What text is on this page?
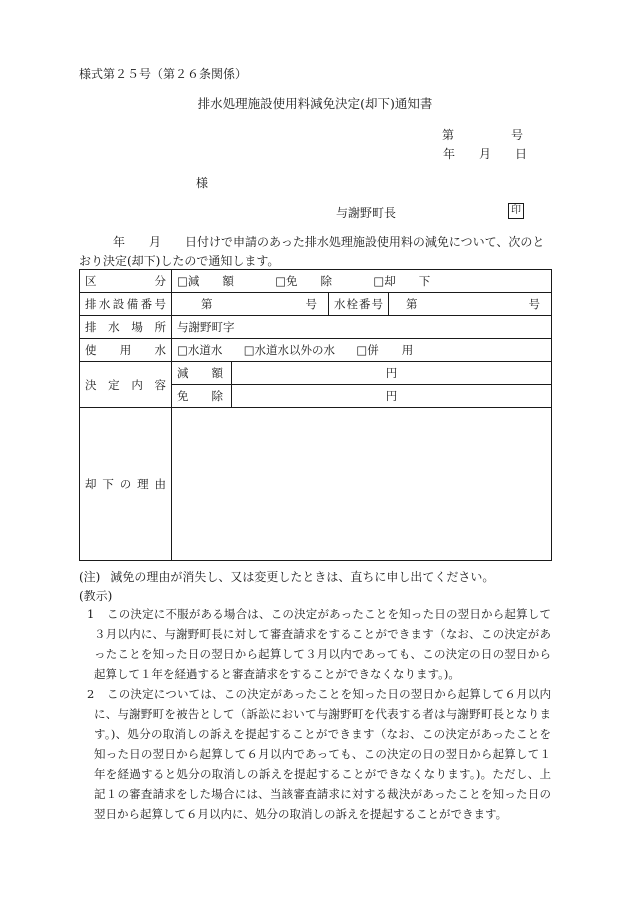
様式第２５号（第２６条関係）
排水処理施設使用料減免決定(却下)通知書
第	号
年 月 日
様
与謝野町長	印
年 月 日付けで申請のあった排水処理施設使用料の減免について、次のとおり決定(却下)したので通知します。
区分	□減　　額 □免　　除 □却　　下			
排水設備番号	第 号		水栓番号	第 号

排水場所	与謝野町字			
使用水	□水道水 □水道水以外の水 □併　　用			
決定内容	減　　額	円		
	免　　除	円		
却下の理由				
(注) 減免の理由が消失し、又は変更したときは、直ちに申し出てください。
(教示)
1	この決定に不服がある場合は、この決定があったことを知った日の翌日から起算して３月以内に、与謝野町長に対して審査請求をすることができます（なお、この決定があったことを知った日の翌日から起算して３月以内であっても、この決定の日の翌日から起算して１年を経過すると審査請求をすることができなくなります。)。
2	この決定については、この決定があったことを知った日の翌日から起算して６月以内に、与謝野町を被告として（訴訟において与謝野町を代表する者は与謝野町長となります。)、処分の取消しの訴えを提起することができます（なお、この決定があったことを知った日の翌日から起算して６月以内であっても、この決定の日の翌日から起算して１年を経過すると処分の取消しの訴えを提起することができなくなります。)。ただし、上記１の審査請求をした場合には、当該審査請求に対する裁決があったことを知った日の翌日から起算して６月以内に、処分の取消しの訴えを提起することができます。
